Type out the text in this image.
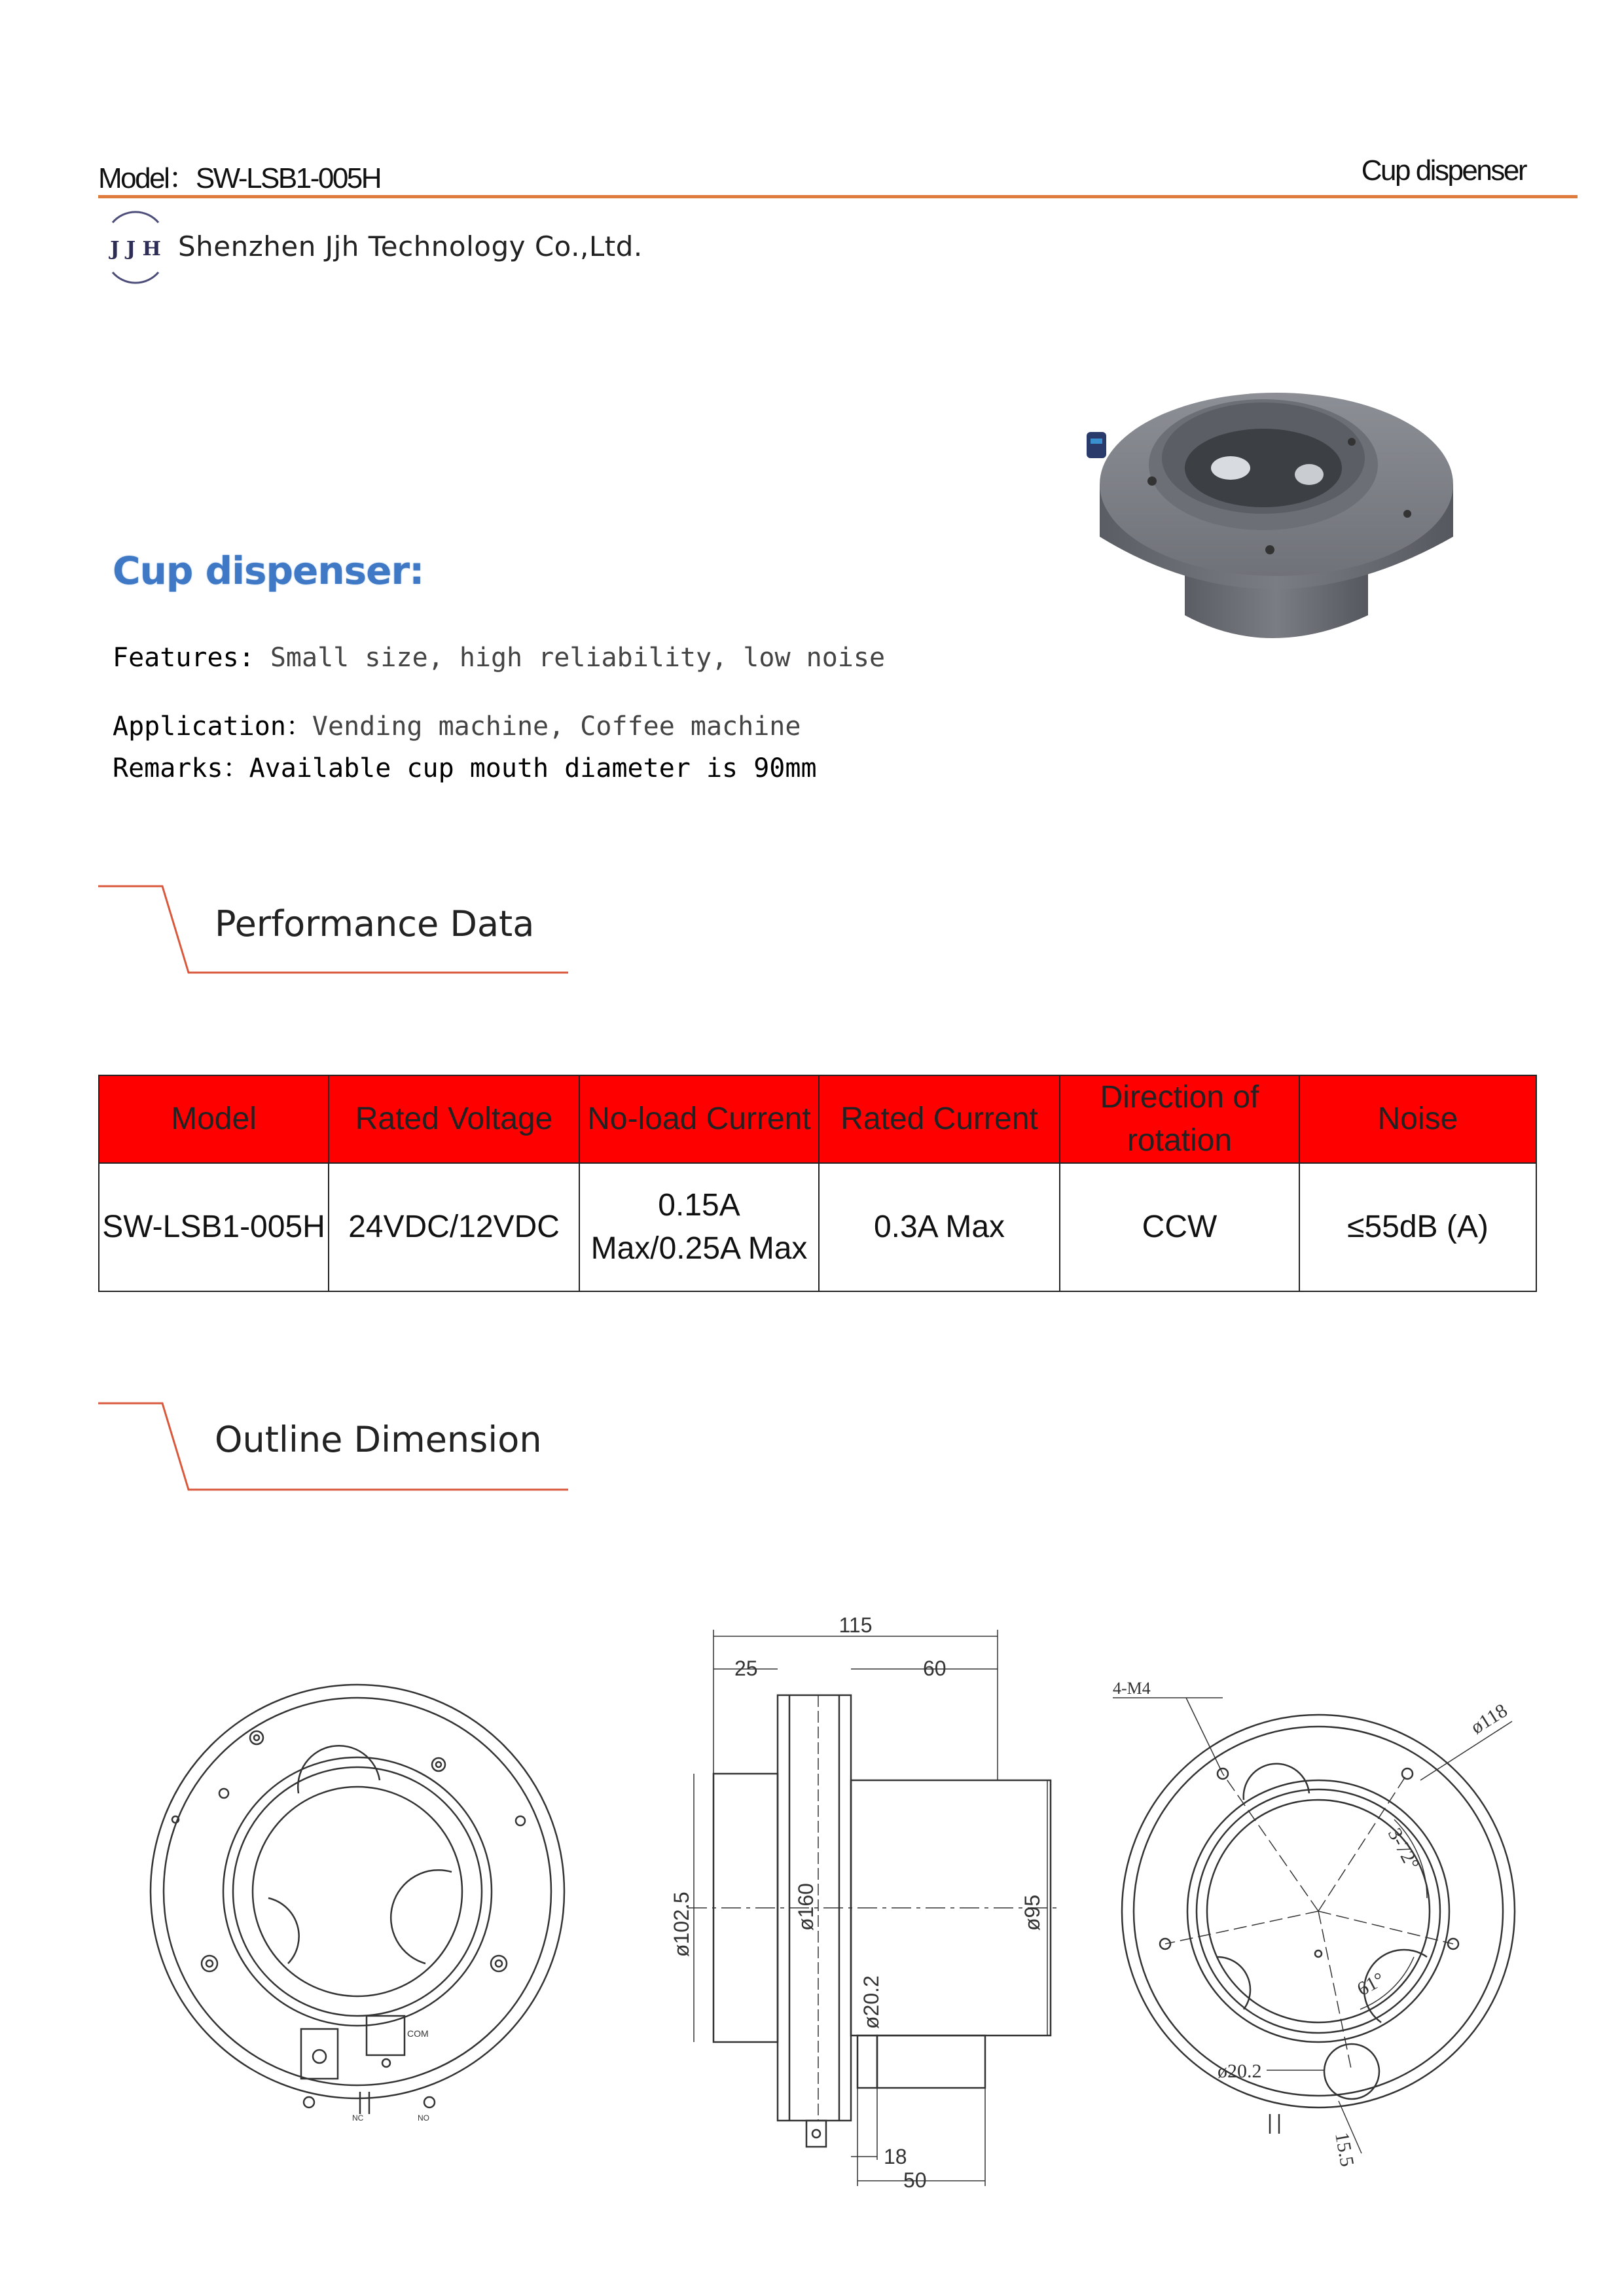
Model：SW-LSB1-005H	Cup dispenser
J J H Shenzhen Jjh Technology Co.,Ltd.
Cup dispenser:
Features: Small size, high reliability, low noise
Application：Vending machine, Coffee machine
Remarks：Available cup mouth diameter is 90mm
Performance Data
Model	Rated Voltage	No-load Current	Rated Current	Direction of rotation	Noise
SW-LSB1-005H	24VDC/12VDC	0.15A Max/0.25A Max	0.3A Max	CCW	≤55dB (A)
Outline Dimension
COM
NC	NO
115
25	60
ø102.5	ø160
ø20.2
ø95
18
50
4-M4
ø118
3-72°
61°
ø20.2
15.5
